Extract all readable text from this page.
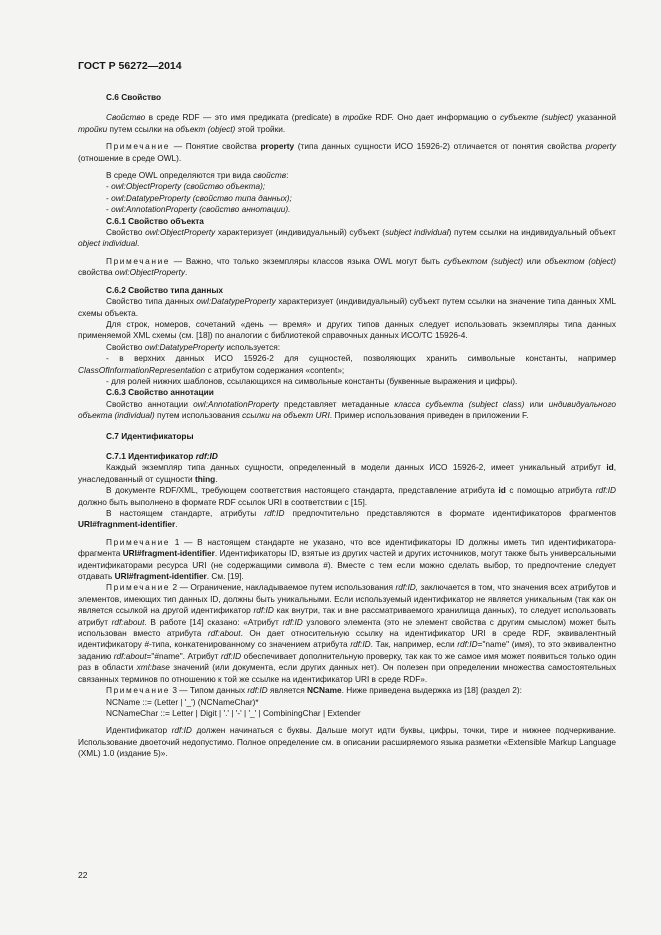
ГОСТ Р 56272—2014

С.6 Свойство

Свойство в среде RDF — это имя предиката (predicate) в тройке RDF. Оно дает информацию о субъекте (subject) указанной тройки путем ссылки на объект (object) этой тройки.

Примечание — Понятие свойства property (типа данных сущности ИСО 15926-2) отличается от понятия свойства property (отношение в среде OWL).

В среде OWL определяются три вида свойств:

- owl:ObjectProperty (свойство объекта);

- owl:DatatypeProperty (свойство типа данных);

- owl:AnnotationProperty (свойство аннотации).

С.6.1 Свойство объекта

Свойство owl:ObjectProperty характеризует (индивидуальный) субъект (subject individual) путем ссылки на индивидуальный объект object individual.

Примечание — Важно, что только экземпляры классов языка OWL могут быть субъектом (subject) или объектом (object) свойства owl:ObjectProperty.

С.6.2 Свойство типа данных

Свойство типа данных owl:DatatypeProperty характеризует (индивидуальный) субъект путем ссылки на значение типа данных XML схемы объекта.

Для строк, номеров, сочетаний «день — время» и других типов данных следует использовать экземпляры типа данных применяемой XML схемы (см. [18]) по аналогии с библиотекой справочных данных ИСО/ТС 15926-4.

Свойство owl:DatatypeProperty используется:

- в верхних данных ИСО 15926-2 для сущностей, позволяющих хранить символьные константы, например ClassOfInformationRepresentation с атрибутом содержания «content»;

- для ролей нижних шаблонов, ссылающихся на символьные константы (буквенные выражения и цифры).

С.6.3 Свойство аннотации

Свойство аннотации owl:AnnotationProperty представляет метаданные класса субъекта (subject class) или индивидуального объекта (individual) путем использования ссылки на объект URI. Пример использования приведен в приложении F.

С.7 Идентификаторы

С.7.1 Идентификатор rdf:ID

Каждый экземпляр типа данных сущности, определенный в модели данных ИСО 15926-2, имеет уникальный атрибут id, унаследованный от сущности thing.

В документе RDF/XML, требующем соответствия настоящего стандарта, представление атрибута id с помощью атрибута rdf:ID должно быть выполнено в формате RDF ссылок URI в соответствии с [15].

В настоящем стандарте, атрибуты rdf:ID предпочтительно представляются в формате идентификаторов фрагментов URI#fragnment-identifier.

Примечание 1 — В настоящем стандарте не указано, что все идентификаторы ID должны иметь тип идентификатора-фрагмента URI#fragment-identifier. Идентификаторы ID, взятые из других частей и других источников, могут также быть универсальными идентификаторами ресурса URI (не содержащими символа #). Вместе с тем если можно сделать выбор, то предпочтение следует отдавать URI#fragment-identifier. См. [19].

Примечание 2 — Ограничение, накладываемое путем использования rdf:ID, заключается в том, что значения всех атрибутов и элементов, имеющих тип данных ID, должны быть уникальными. Если используемый идентификатор не является уникальным (так как он является ссылкой на другой идентификатор rdf:ID как внутри, так и вне рассматриваемого хранилища данных), то следует использовать атрибут rdf:about. В работе [14] сказано: «Атрибут rdf:ID узлового элемента (это не элемент свойства с другим смыслом) может быть использован вместо атрибута rdf:about. Он дает относительную ссылку на идентификатор URI в среде RDF, эквивалентный идентификатору #-типа, конкатенированному со значением атрибута rdf:ID. Так, например, если rdf:ID="name" (имя), то это эквивалентно заданию rdf:about="#name". Атрибут rdf:ID обеспечивает дополнительную проверку, так как то же самое имя может появиться только один раз в области xml:base значений (или документа, если других данных нет). Он полезен при определении множества самостоятельных связанных терминов по отношению к той же ссылке на идентификатор URI в среде RDF».

Примечание 3 — Типом данных rdf:ID является NCName. Ниже приведена выдержка из [18] (раздел 2):

NCName ::= (Letter | '_') (NCNameChar)*

NCNameChar ::= Letter | Digit | '.' | '-' | '_' | CombiningChar | Extender

Идентификатор rdf:ID должен начинаться с буквы. Дальше могут идти буквы, цифры, точки, тире и нижнее подчеркивание. Использование двоеточий недопустимо. Полное определение см. в описании расширяемого языка разметки «Extensible Markup Language (XML) 1.0 (издание 5)».

22
